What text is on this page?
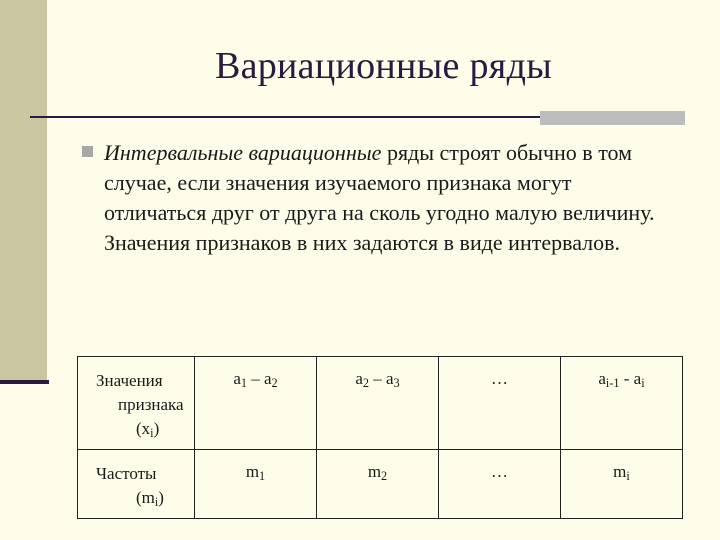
Вариационные ряды
Интервальные вариационные ряды строят обычно в том случае, если значения изучаемого признака могут отличаться друг от друга на сколь угодно малую величину. Значения признаков в них задаются в виде интервалов.
Значения
признака
$(x_i)$	$a_1 - a_2$	$a_2 - a_3$	…	$a_{i-1} - a_i$

Частоты
$(m_i)$	$m_1$	$m_2$	…	$m_i$
